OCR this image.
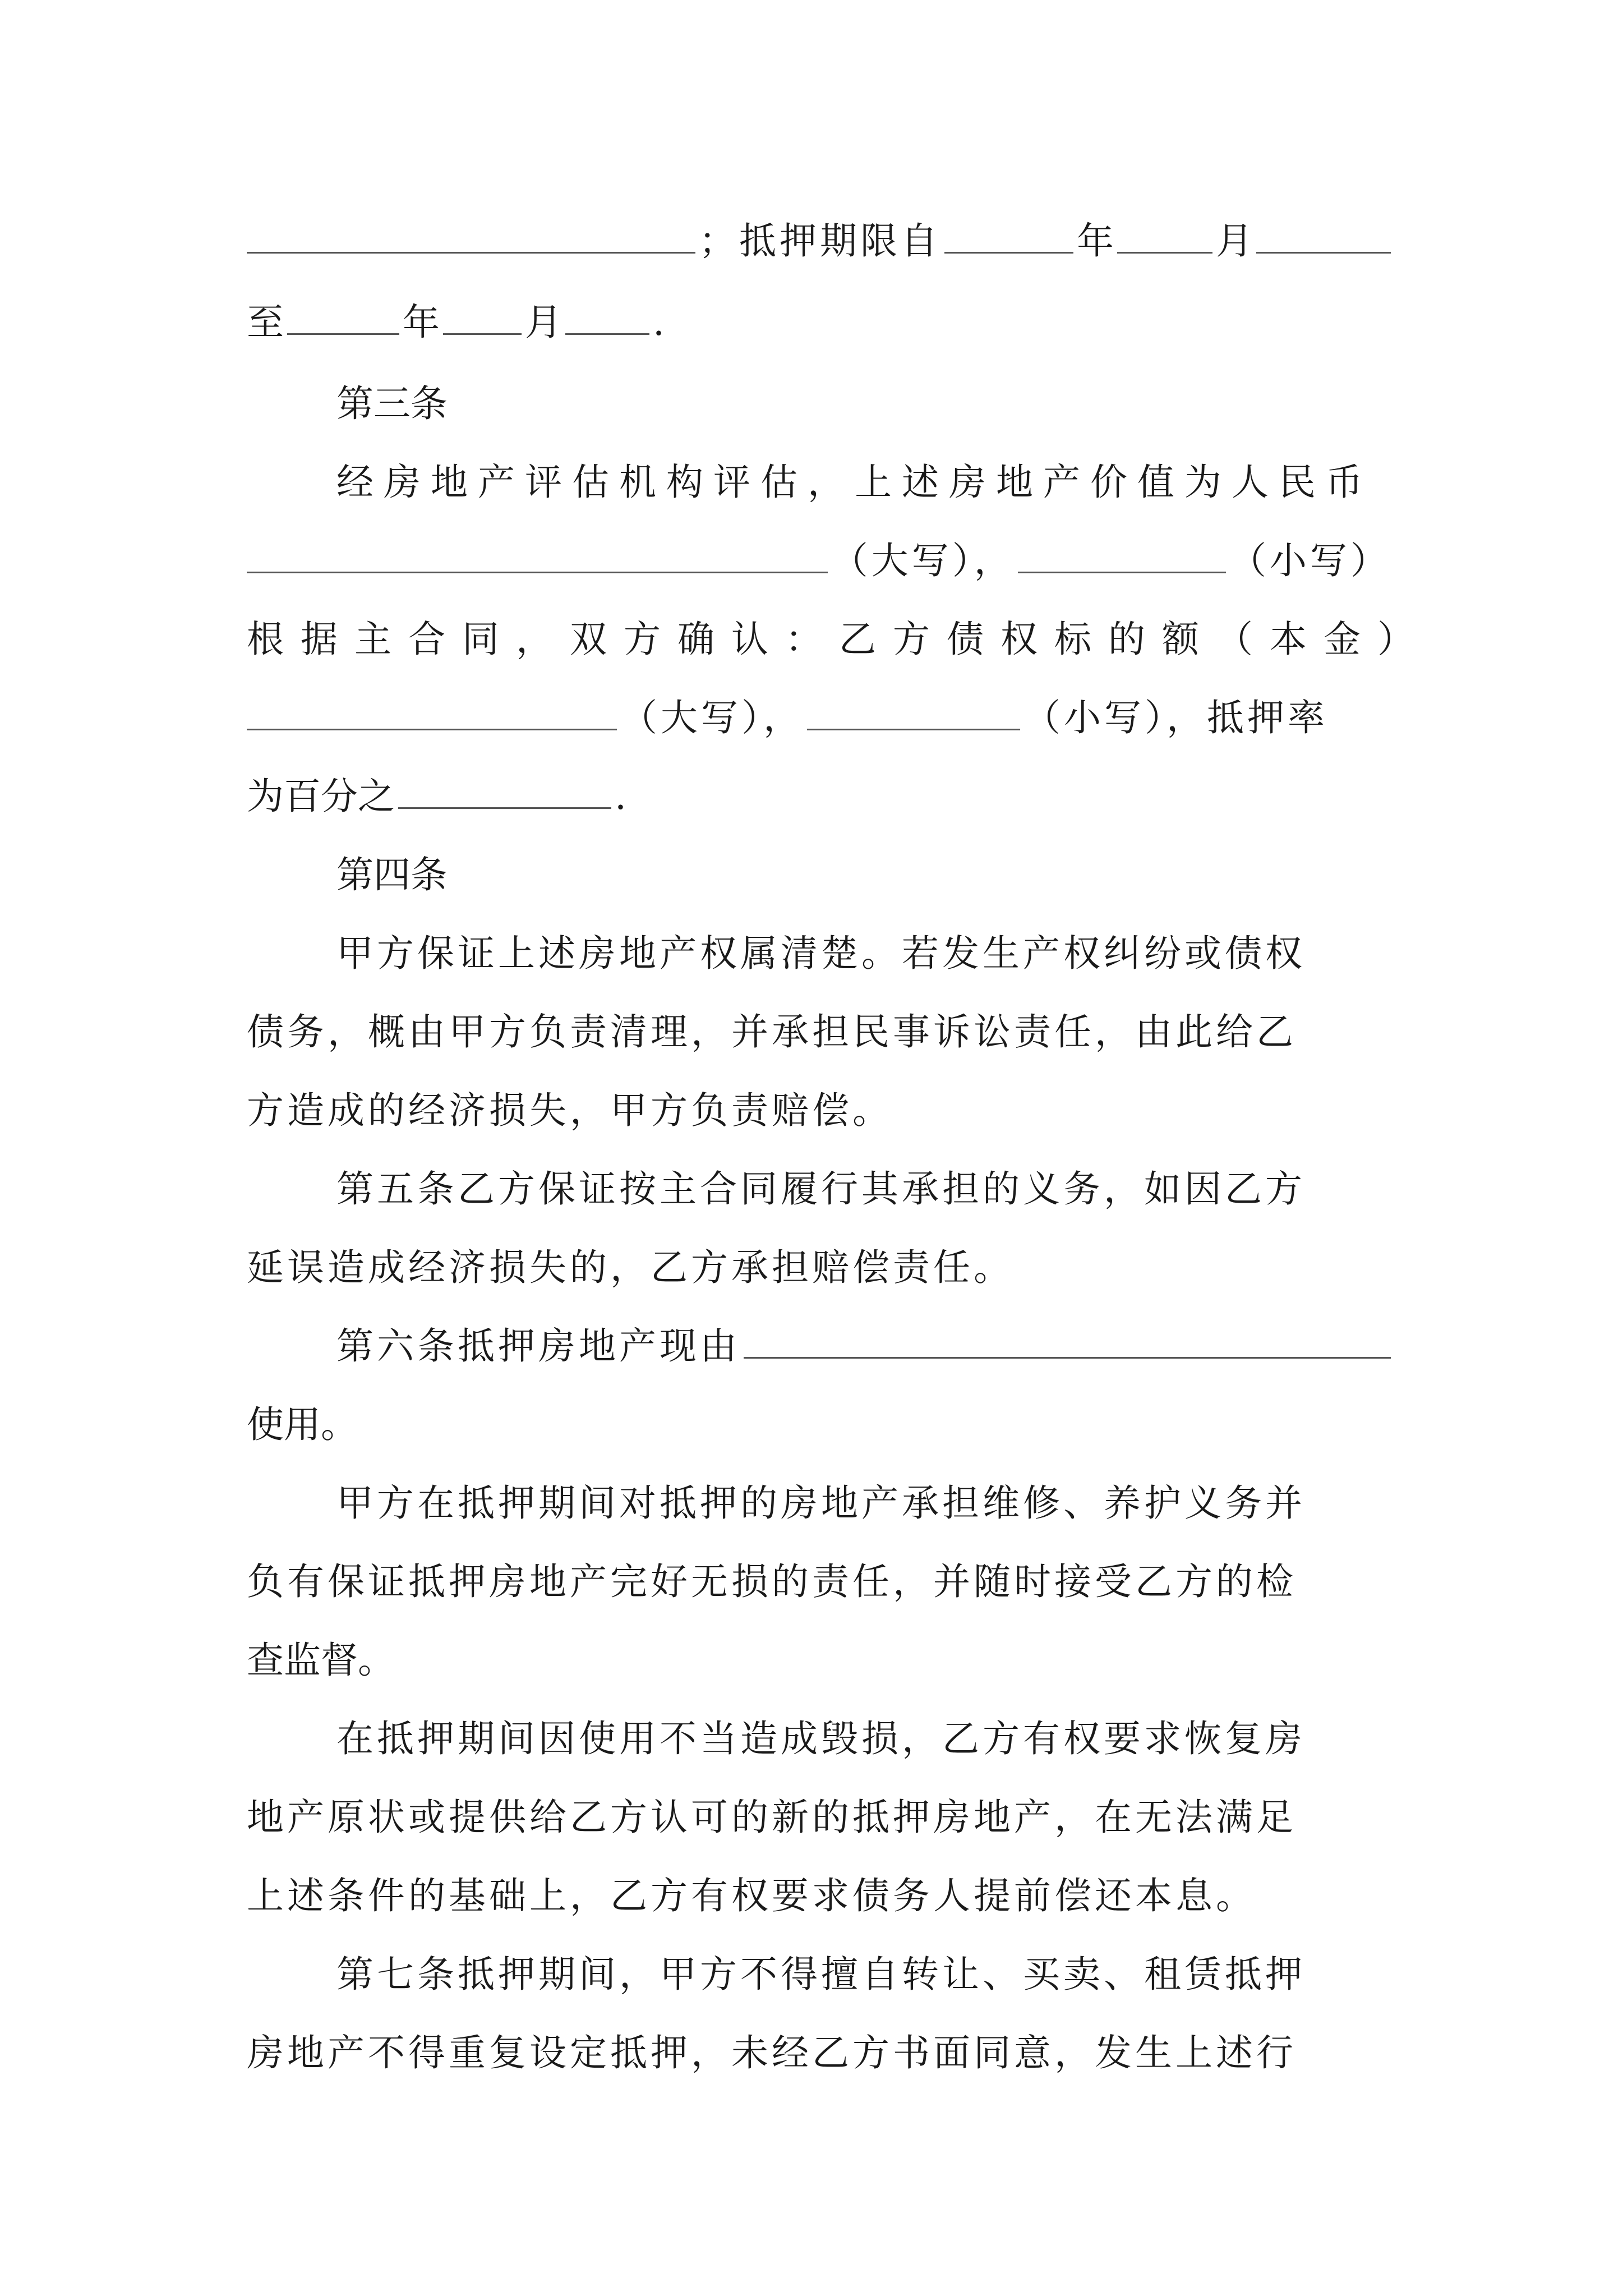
；抵押期限自	年	月
至	年 月 .
第三条
经房地产评估机构评估，上述房地产价值为人民币
（大写），	（小写）
根据主合同，双方确认：乙方债权标的额（本金）
（大写），	（小写），抵押率
为百分之	.
第四条
甲方保证上述房地产权属清楚。若发生产权纠纷或债权
债务，概由甲方负责清理，并承担民事诉讼责任，由此给乙
方造成的经济损失，甲方负责赔偿。
第五条乙方保证按主合同履行其承担的义务，如因乙方
延误造成经济损失的，乙方承担赔偿责任。
第六条抵押房地产现由
使用。
甲方在抵押期间对抵押的房地产承担维修、养护义务并
负有保证抵押房地产完好无损的责任，并随时接受乙方的检
查监督。
在抵押期间因使用不当造成毁损，乙方有权要求恢复房
地产原状或提供给乙方认可的新的抵押房地产，在无法满足
上述条件的基础上，乙方有权要求债务人提前偿还本息。
第七条抵押期间，甲方不得擅自转让、买卖、租赁抵押
房地产不得重复设定抵押，未经乙方书面同意，发生上述行
